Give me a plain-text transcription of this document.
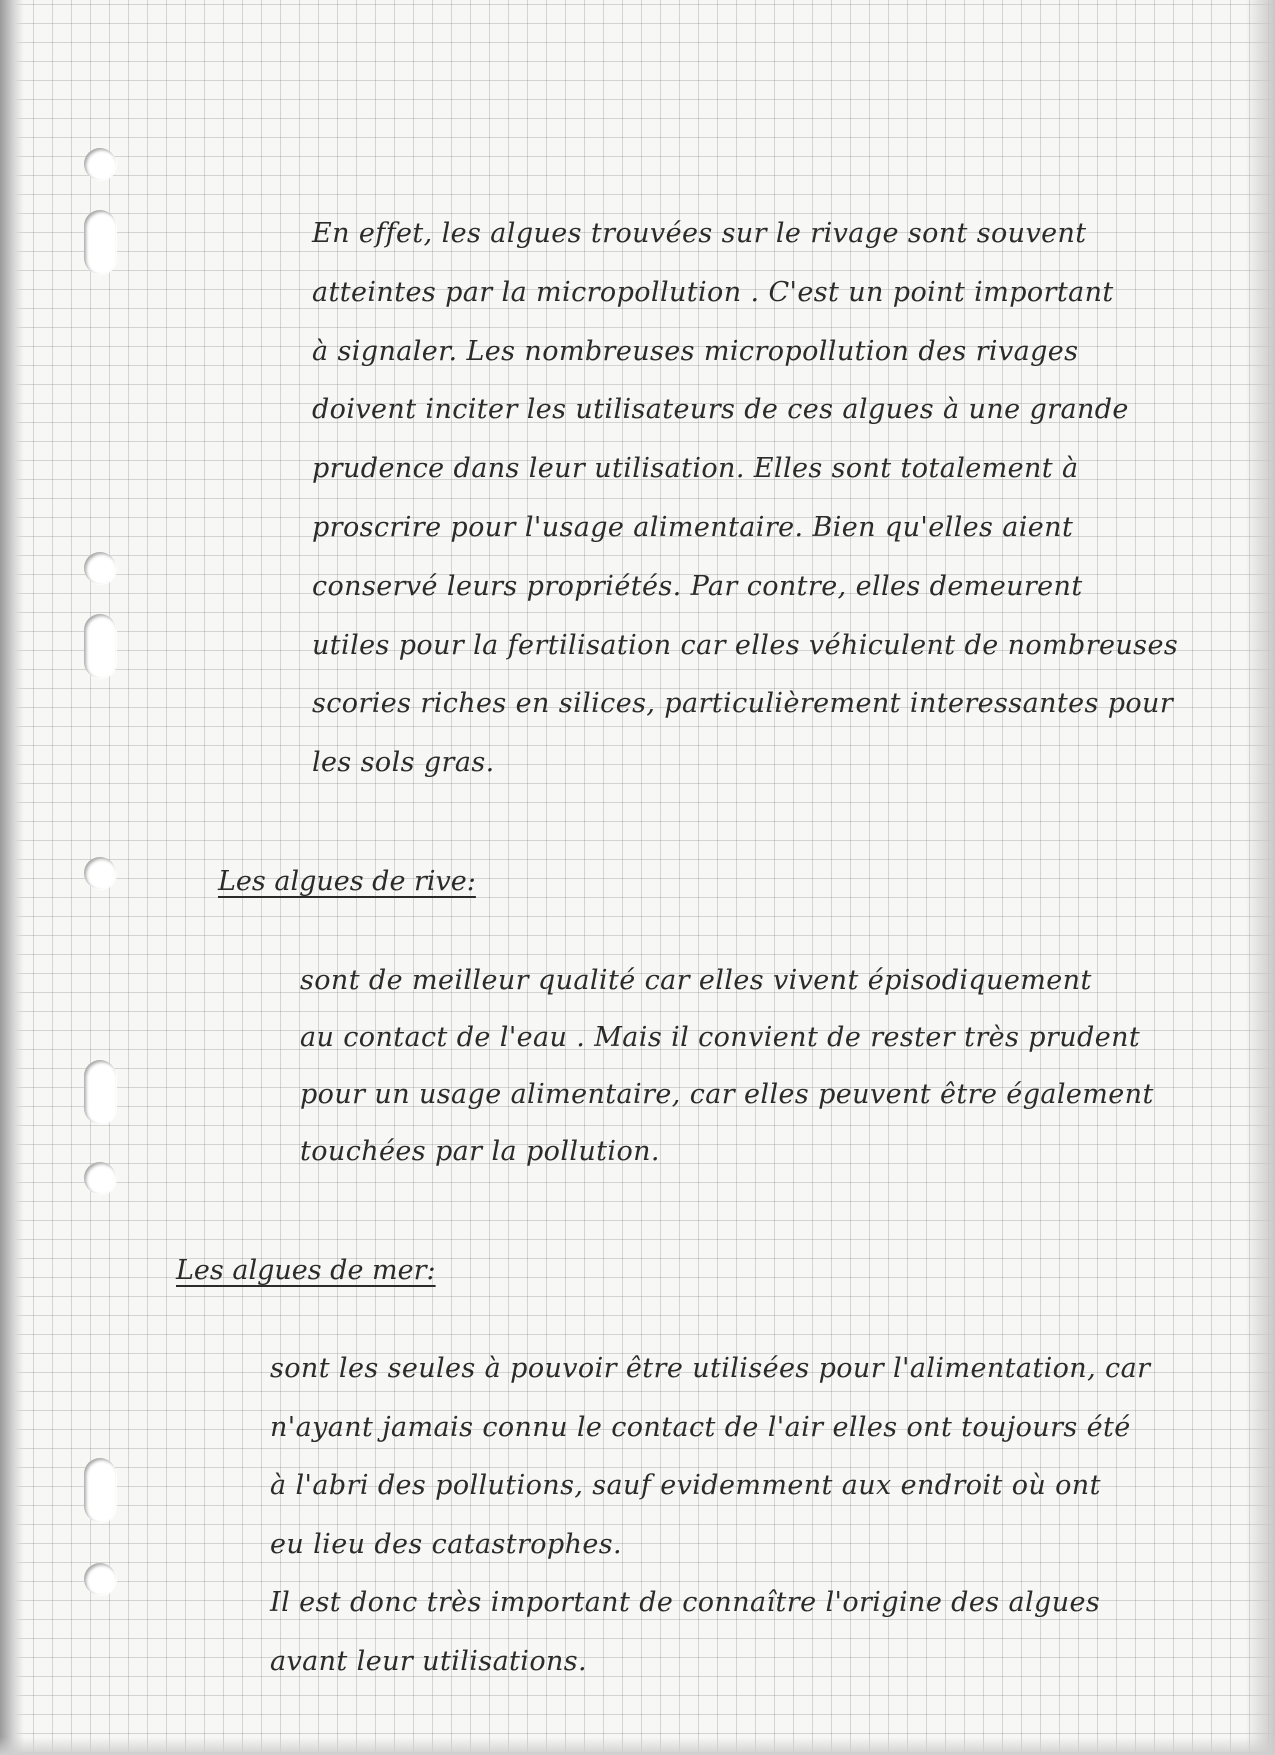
En effet, les algues trouvées sur le rivage sont souvent
atteintes par la micropollution . C'est un point important
à signaler. Les nombreuses micropollution des rivages
doivent inciter les utilisateurs de ces algues à une grande
prudence dans leur utilisation. Elles sont totalement à
proscrire pour l'usage alimentaire. Bien qu'elles aient
conservé leurs propriétés. Par contre, elles demeurent
utiles pour la fertilisation car elles véhiculent de nombreuses
scories riches en silices, particulièrement interessantes pour
les sols gras.
Les algues de rive:
sont de meilleur qualité car elles vivent épisodiquement
au contact de l'eau . Mais il convient de rester très prudent
pour un usage alimentaire, car elles peuvent être également
touchées par la pollution.
Les algues de mer:
sont les seules à pouvoir être utilisées pour l'alimentation, car
n'ayant jamais connu le contact de l'air elles ont toujours été
à l'abri des pollutions, sauf evidemment aux endroit où ont
eu lieu des catastrophes.
Il est donc très important de connaître l'origine des algues
avant leur utilisations.
